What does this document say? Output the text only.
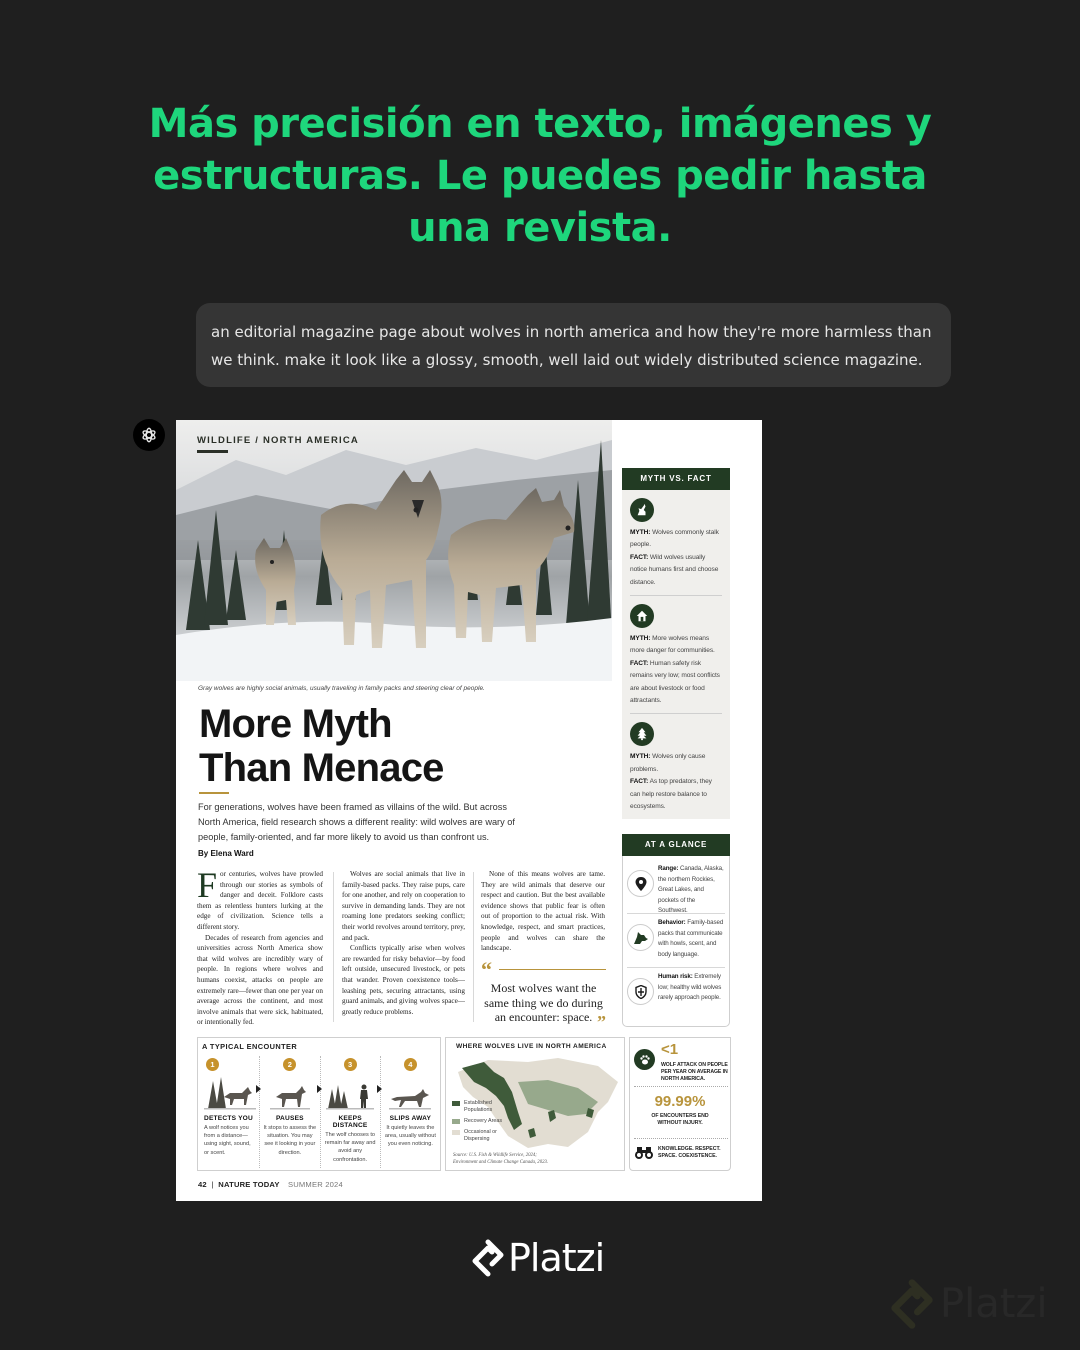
Más precisión en texto, imágenes y
estructuras. Le puedes pedir hasta
una revista.
an editorial magazine page about wolves in north america and how they're more harmless than we think. make it look like a glossy, smooth, well laid out widely distributed science magazine.
WILDLIFE / NORTH AMERICA
Gray wolves are highly social animals, usually traveling in family packs and steering clear of people.
More Myth
Than Menace
For generations, wolves have been framed as villains of the wild. But across North America, field research shows a different reality: wild wolves are wary of people, family-oriented, and far more likely to avoid us than confront us.
By Elena Ward
F or centuries, wolves have prowled through our stories as symbols of danger and deceit. Folklore casts them as relentless hunters lurking at the edge of civilization. Science tells a different story.

Decades of research from agencies and universities across North America show that wild wolves are incredibly wary of people. In regions where wolves and humans coexist, attacks on people are extremely rare—fewer than one per year on average across the continent, and most involve animals that were sick, habituated, or intentionally fed.

Wolves are social animals that live in family-based packs. They raise pups, care for one another, and rely on cooperation to survive in demanding lands. They are not roaming lone predators seeking conflict; their world revolves around territory, prey, and pack.

Conflicts typically arise when wolves are rewarded for risky behavior—by food left outside, unsecured livestock, or pets that wander. Proven coexistence tools—leashing pets, securing attractants, using guard animals, and giving wolves space—greatly reduce problems.

None of this means wolves are tame. They are wild animals that deserve our respect and caution. But the best available evidence shows that public fear is often out of proportion to the actual risk. With knowledge, respect, and smart practices, people and wolves can share the landscape.

“
Most wolves want the same thing we do during an encounter: space. ”
MYTH VS. FACT
MYTH: Wolves commonly stalk people.
FACT: Wild wolves usually notice humans first and choose distance.
MYTH: More wolves means more danger for communities.
FACT: Human safety risk remains very low; most conflicts are about livestock or food attractants.
MYTH: Wolves only cause problems.
FACT: As top predators, they can help restore balance to ecosystems.
AT A GLANCE
Range: Canada, Alaska, the northern Rockies, Great Lakes, and pockets of the Southwest.
Behavior: Family-based packs that communicate with howls, scent, and body language.
Human risk: Extremely low; healthy wild wolves rarely approach people.
A TYPICAL ENCOUNTER
1
DETECTS YOU
A wolf notices you from a distance—using sight, sound, or scent.
2
PAUSES
It stops to assess the situation. You may see it looking in your direction.
3
KEEPS DISTANCE
The wolf chooses to remain far away and avoid any confrontation.
4
SLIPS AWAY
It quietly leaves the area, usually without you even noticing.
WHERE WOLVES LIVE IN NORTH AMERICA
Established Populations
Recovery Areas
Occasional or Dispersing
Source: U.S. Fish & Wildlife Service, 2024; Environment and Climate Change Canada, 2023.
<1
WOLF ATTACK ON PEOPLE PER YEAR ON AVERAGE IN NORTH AMERICA.
99.99%
OF ENCOUNTERS END WITHOUT INJURY.
KNOWLEDGE. RESPECT. SPACE. COEXISTENCE.
42 | NATURE TODAY SUMMER 2024
Platzi
Platzi
